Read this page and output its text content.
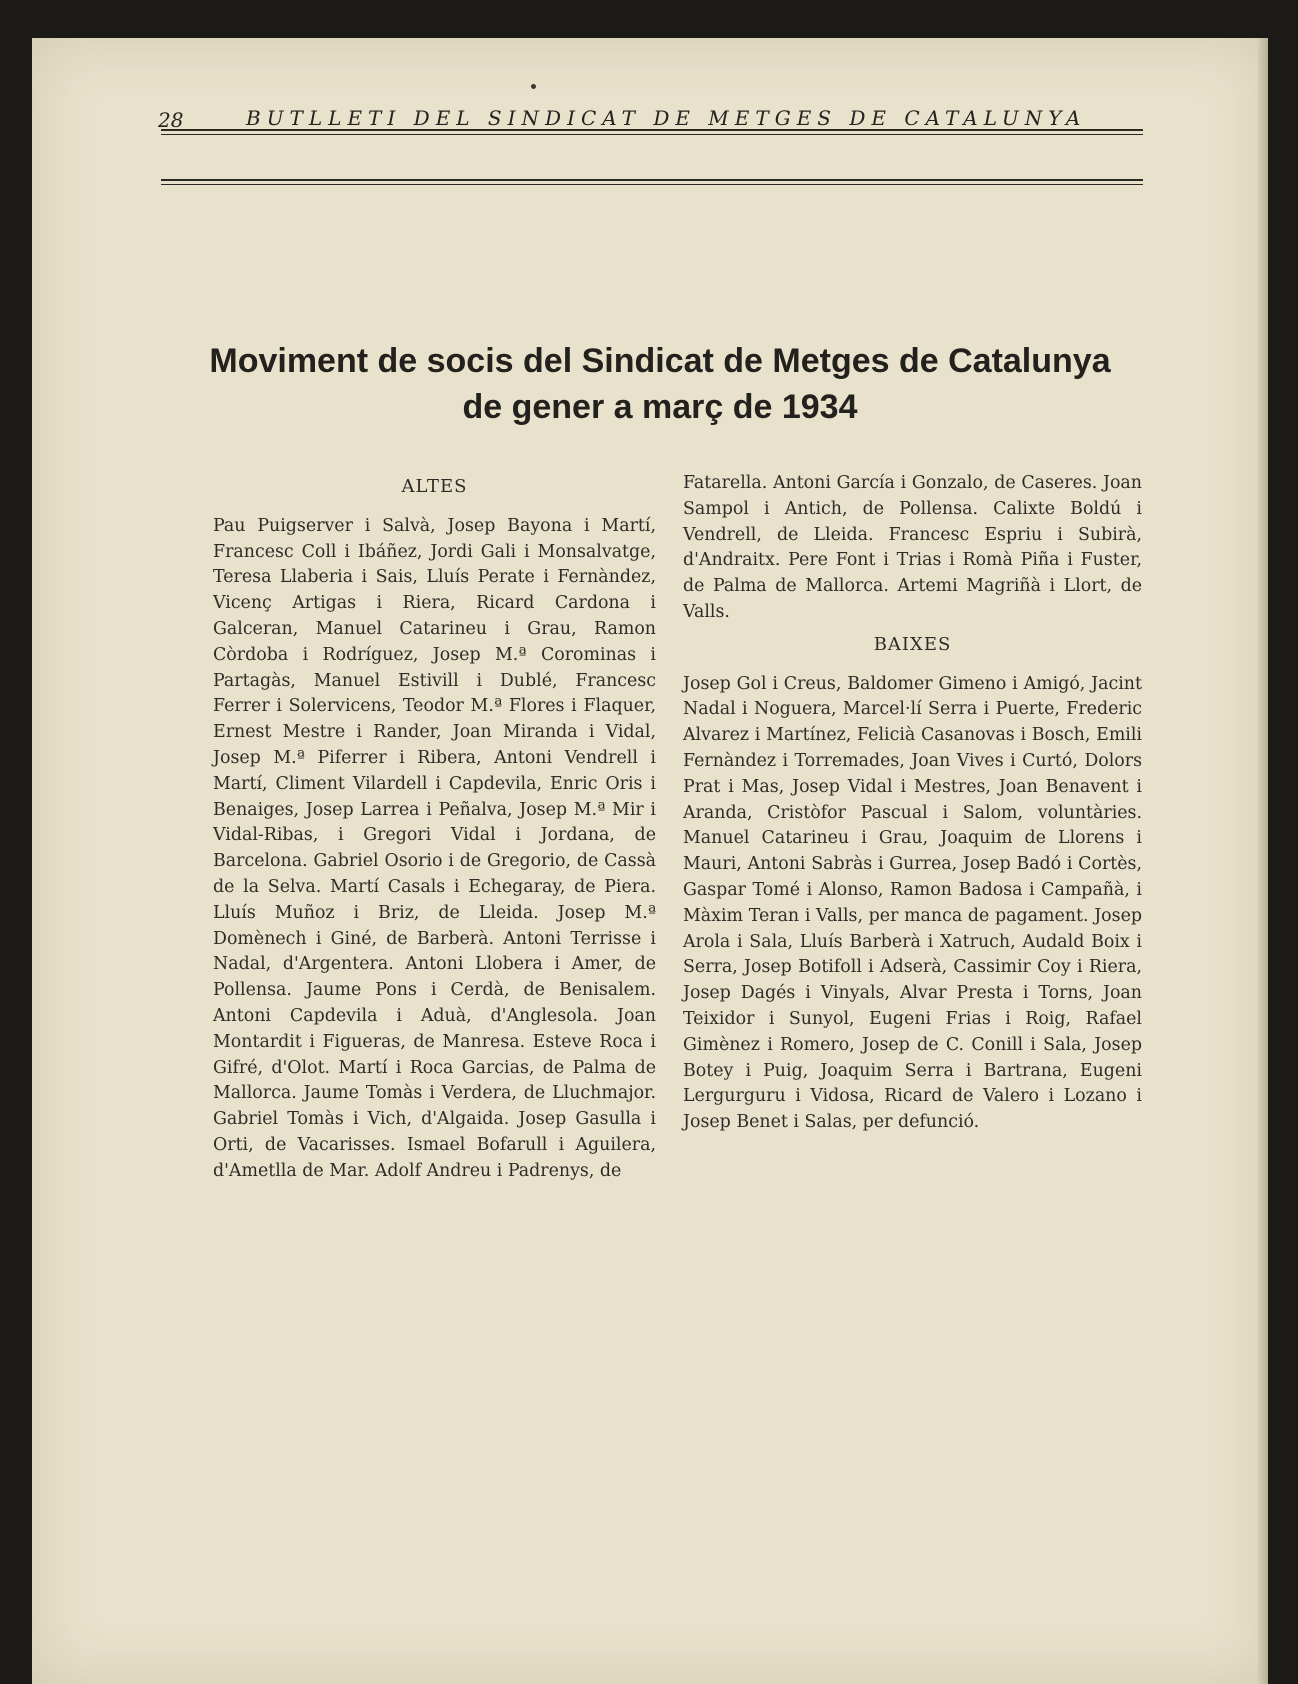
28	BUTLLETI DEL SINDICAT DE METGES DE CATALUNYA
Moviment de socis del Sindicat de Metges de Catalunya
de gener a març de 1934
ALTES

Pau Puigserver i Salvà, Josep Bayona i Martí, Francesc Coll i Ibáñez, Jordi Gali i Monsalvatge, Teresa Llaberia i Sais, Lluís Perate i Fernàndez, Vicenç Artigas i Riera, Ricard Cardona i Galceran, Manuel Catarineu i Grau, Ramon Còrdoba i Rodríguez, Josep M.ª Corominas i Partagàs, Manuel Estivill i Dublé, Francesc Ferrer i Solervicens, Teodor M.ª Flores i Flaquer, Ernest Mestre i Rander, Joan Miranda i Vidal, Josep M.ª Piferrer i Ribera, Antoni Vendrell i Martí, Climent Vilardell i Capdevila, Enric Oris i Benaiges, Josep Larrea i Peñalva, Josep M.ª Mir i Vidal-Ribas, i Gregori Vidal i Jordana, de Barcelona. Gabriel Osorio i de Gregorio, de Cassà de la Selva. Martí Casals i Echegaray, de Piera. Lluís Muñoz i Briz, de Lleida. Josep M.ª Domènech i Giné, de Barberà. Antoni Terrisse i Nadal, d'Argentera. Antoni Llobera i Amer, de Pollensa. Jaume Pons i Cerdà, de Benisalem. Antoni Capdevila i Aduà, d'Anglesola. Joan Montardit i Figueras, de Manresa. Esteve Roca i Gifré, d'Olot. Martí i Roca Garcias, de Palma de Mallorca. Jaume Tomàs i Verdera, de Lluchmajor. Gabriel Tomàs i Vich, d'Algaida. Josep Gasulla i Orti, de Vacarisses. Ismael Bofarull i Aguilera, d'Ametlla de Mar. Adolf Andreu i Padrenys, de

Fatarella. Antoni García i Gonzalo, de Caseres. Joan Sampol i Antich, de Pollensa. Calixte Boldú i Vendrell, de Lleida. Francesc Espriu i Subirà, d'Andraitx. Pere Font i Trias i Romà Piña i Fuster, de Palma de Mallorca. Artemi Magriñà i Llort, de Valls.

BAIXES

Josep Gol i Creus, Baldomer Gimeno i Amigó, Jacint Nadal i Noguera, Marcel·lí Serra i Puerte, Frederic Alvarez i Martínez, Felicià Casanovas i Bosch, Emili Fernàndez i Torremades, Joan Vives i Curtó, Dolors Prat i Mas, Josep Vidal i Mestres, Joan Benavent i Aranda, Cristòfor Pascual i Salom, voluntàries. Manuel Catarineu i Grau, Joaquim de Llorens i Mauri, Antoni Sabràs i Gurrea, Josep Badó i Cortès, Gaspar Tomé i Alonso, Ramon Badosa i Campañà, i Màxim Teran i Valls, per manca de pagament. Josep Arola i Sala, Lluís Barberà i Xatruch, Audald Boix i Serra, Josep Botifoll i Adserà, Cassimir Coy i Riera, Josep Dagés i Vinyals, Alvar Presta i Torns, Joan Teixidor i Sunyol, Eugeni Frias i Roig, Rafael Gimènez i Romero, Josep de C. Conill i Sala, Josep Botey i Puig, Joaquim Serra i Bartrana, Eugeni Lergurguru i Vidosa, Ricard de Valero i Lozano i Josep Benet i Salas, per defunció.
